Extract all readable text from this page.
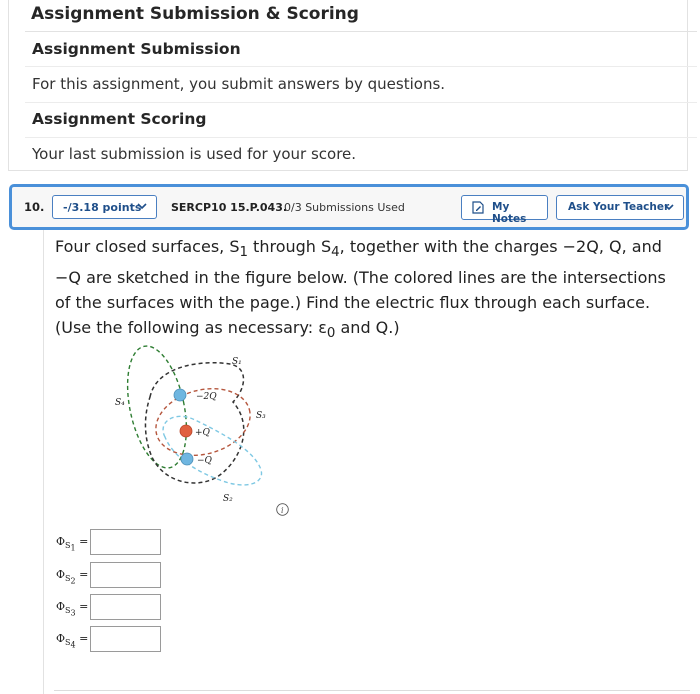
Assignment Submission & Scoring
Assignment Submission
For this assignment, you submit answers by questions.
Assignment Scoring
Your last submission is used for your score.
10.	-/3.18 points	SERCP10 15.P.043.
0/3 Submissions Used	My Notes
Ask Your Teacher
Four closed surfaces, $S_1$ through $S_4$, together with the charges −2Q, Q, and
−Q are sketched in the figure below. (The colored lines are the intersections
of the surfaces with the page.) Find the electric flux through each surface.
(Use the following as necessary: $\varepsilon_0$ and Q.)
−2Q
+Q
−Q
S₁
S₂
S₃
S₄
i
$\Phi_{S_1}$ =
$\Phi_{S_2}$ =
$\Phi_{S_3}$ =
$\Phi_{S_4}$ =
